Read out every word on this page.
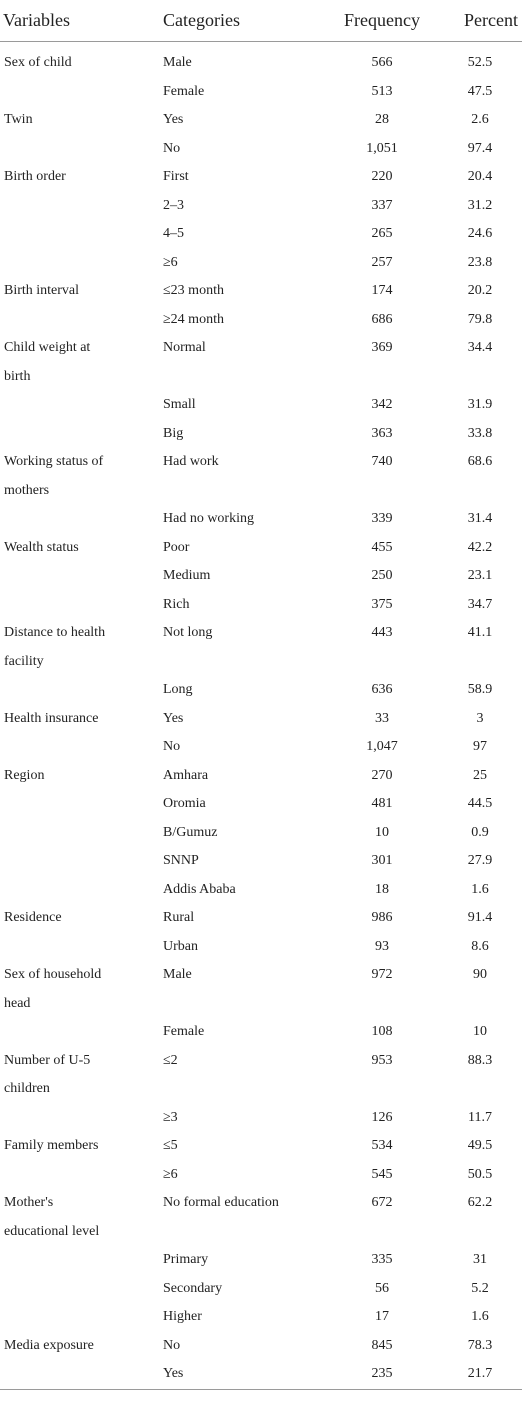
Variables	Categories	Frequency	Percent

Sex of child	Male	566	52.5
	Female	513	47.5
Twin	Yes	28	2.6
	No	1,051	97.4
Birth order	First	220	20.4
	2–3	337	31.2
	4–5	265	24.6
	≥6	257	23.8
Birth interval	≤23 month	174	20.2
	≥24 month	686	79.8
Child weight at	Normal	369	34.4
birth			
	Small	342	31.9
	Big	363	33.8
Working status of	Had work	740	68.6
mothers			
	Had no working	339	31.4
Wealth status	Poor	455	42.2
	Medium	250	23.1
	Rich	375	34.7
Distance to health	Not long	443	41.1
facility			
	Long	636	58.9
Health insurance	Yes	33	3
	No	1,047	97
Region	Amhara	270	25
	Oromia	481	44.5
	B/Gumuz	10	0.9
	SNNP	301	27.9
	Addis Ababa	18	1.6
Residence	Rural	986	91.4
	Urban	93	8.6
Sex of household	Male	972	90
head			
	Female	108	10
Number of U-5	≤2	953	88.3
children			
	≥3	126	11.7
Family members	≤5	534	49.5
	≥6	545	50.5
Mother's	No formal education	672	62.2
educational level			
	Primary	335	31
	Secondary	56	5.2
	Higher	17	1.6
Media exposure	No	845	78.3
	Yes	235	21.7
